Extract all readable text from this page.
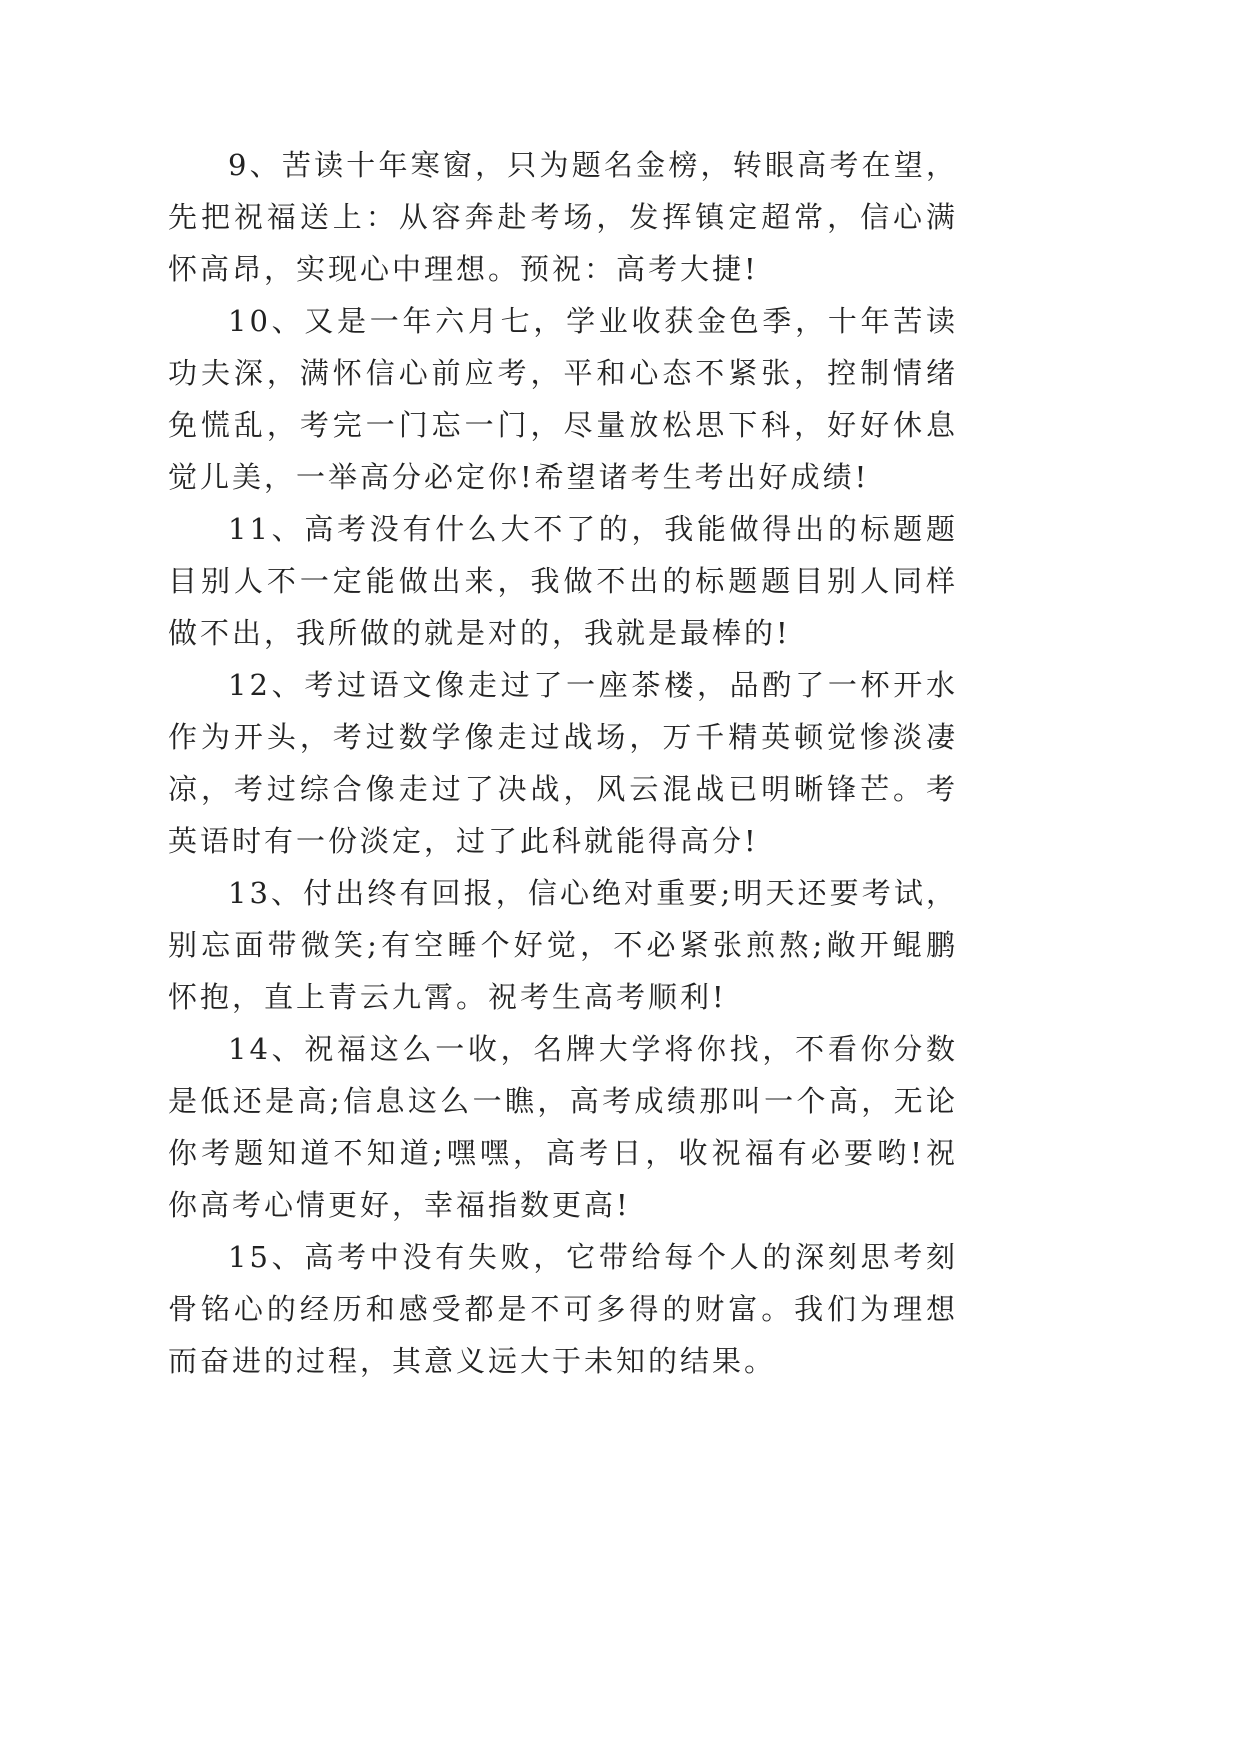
9、苦读十年寒窗，只为题名金榜，转眼高考在望，先把祝福送上：从容奔赴考场，发挥镇定超常，信心满怀高昂，实现心中理想。预祝：高考大捷!

10、又是一年六月七，学业收获金色季，十年苦读功夫深，满怀信心前应考，平和心态不紧张，控制情绪免慌乱，考完一门忘一门，尽量放松思下科，好好休息觉儿美，一举高分必定你!希望诸考生考出好成绩!

11、高考没有什么大不了的，我能做得出的标题题目别人不一定能做出来，我做不出的标题题目别人同样做不出，我所做的就是对的，我就是最棒的!

12、考过语文像走过了一座茶楼，品酌了一杯开水作为开头，考过数学像走过战场，万千精英顿觉惨淡凄凉，考过综合像走过了决战，风云混战已明晰锋芒。考英语时有一份淡定，过了此科就能得高分!

13、付出终有回报，信心绝对重要;明天还要考试，别忘面带微笑;有空睡个好觉，不必紧张煎熬;敞开鲲鹏怀抱，直上青云九霄。祝考生高考顺利!

14、祝福这么一收，名牌大学将你找，不看你分数是低还是高;信息这么一瞧，高考成绩那叫一个高，无论你考题知道不知道;嘿嘿，高考日，收祝福有必要哟!祝你高考心情更好，幸福指数更高!

15、高考中没有失败，它带给每个人的深刻思考刻骨铭心的经历和感受都是不可多得的财富。我们为理想而奋进的过程，其意义远大于未知的结果。
